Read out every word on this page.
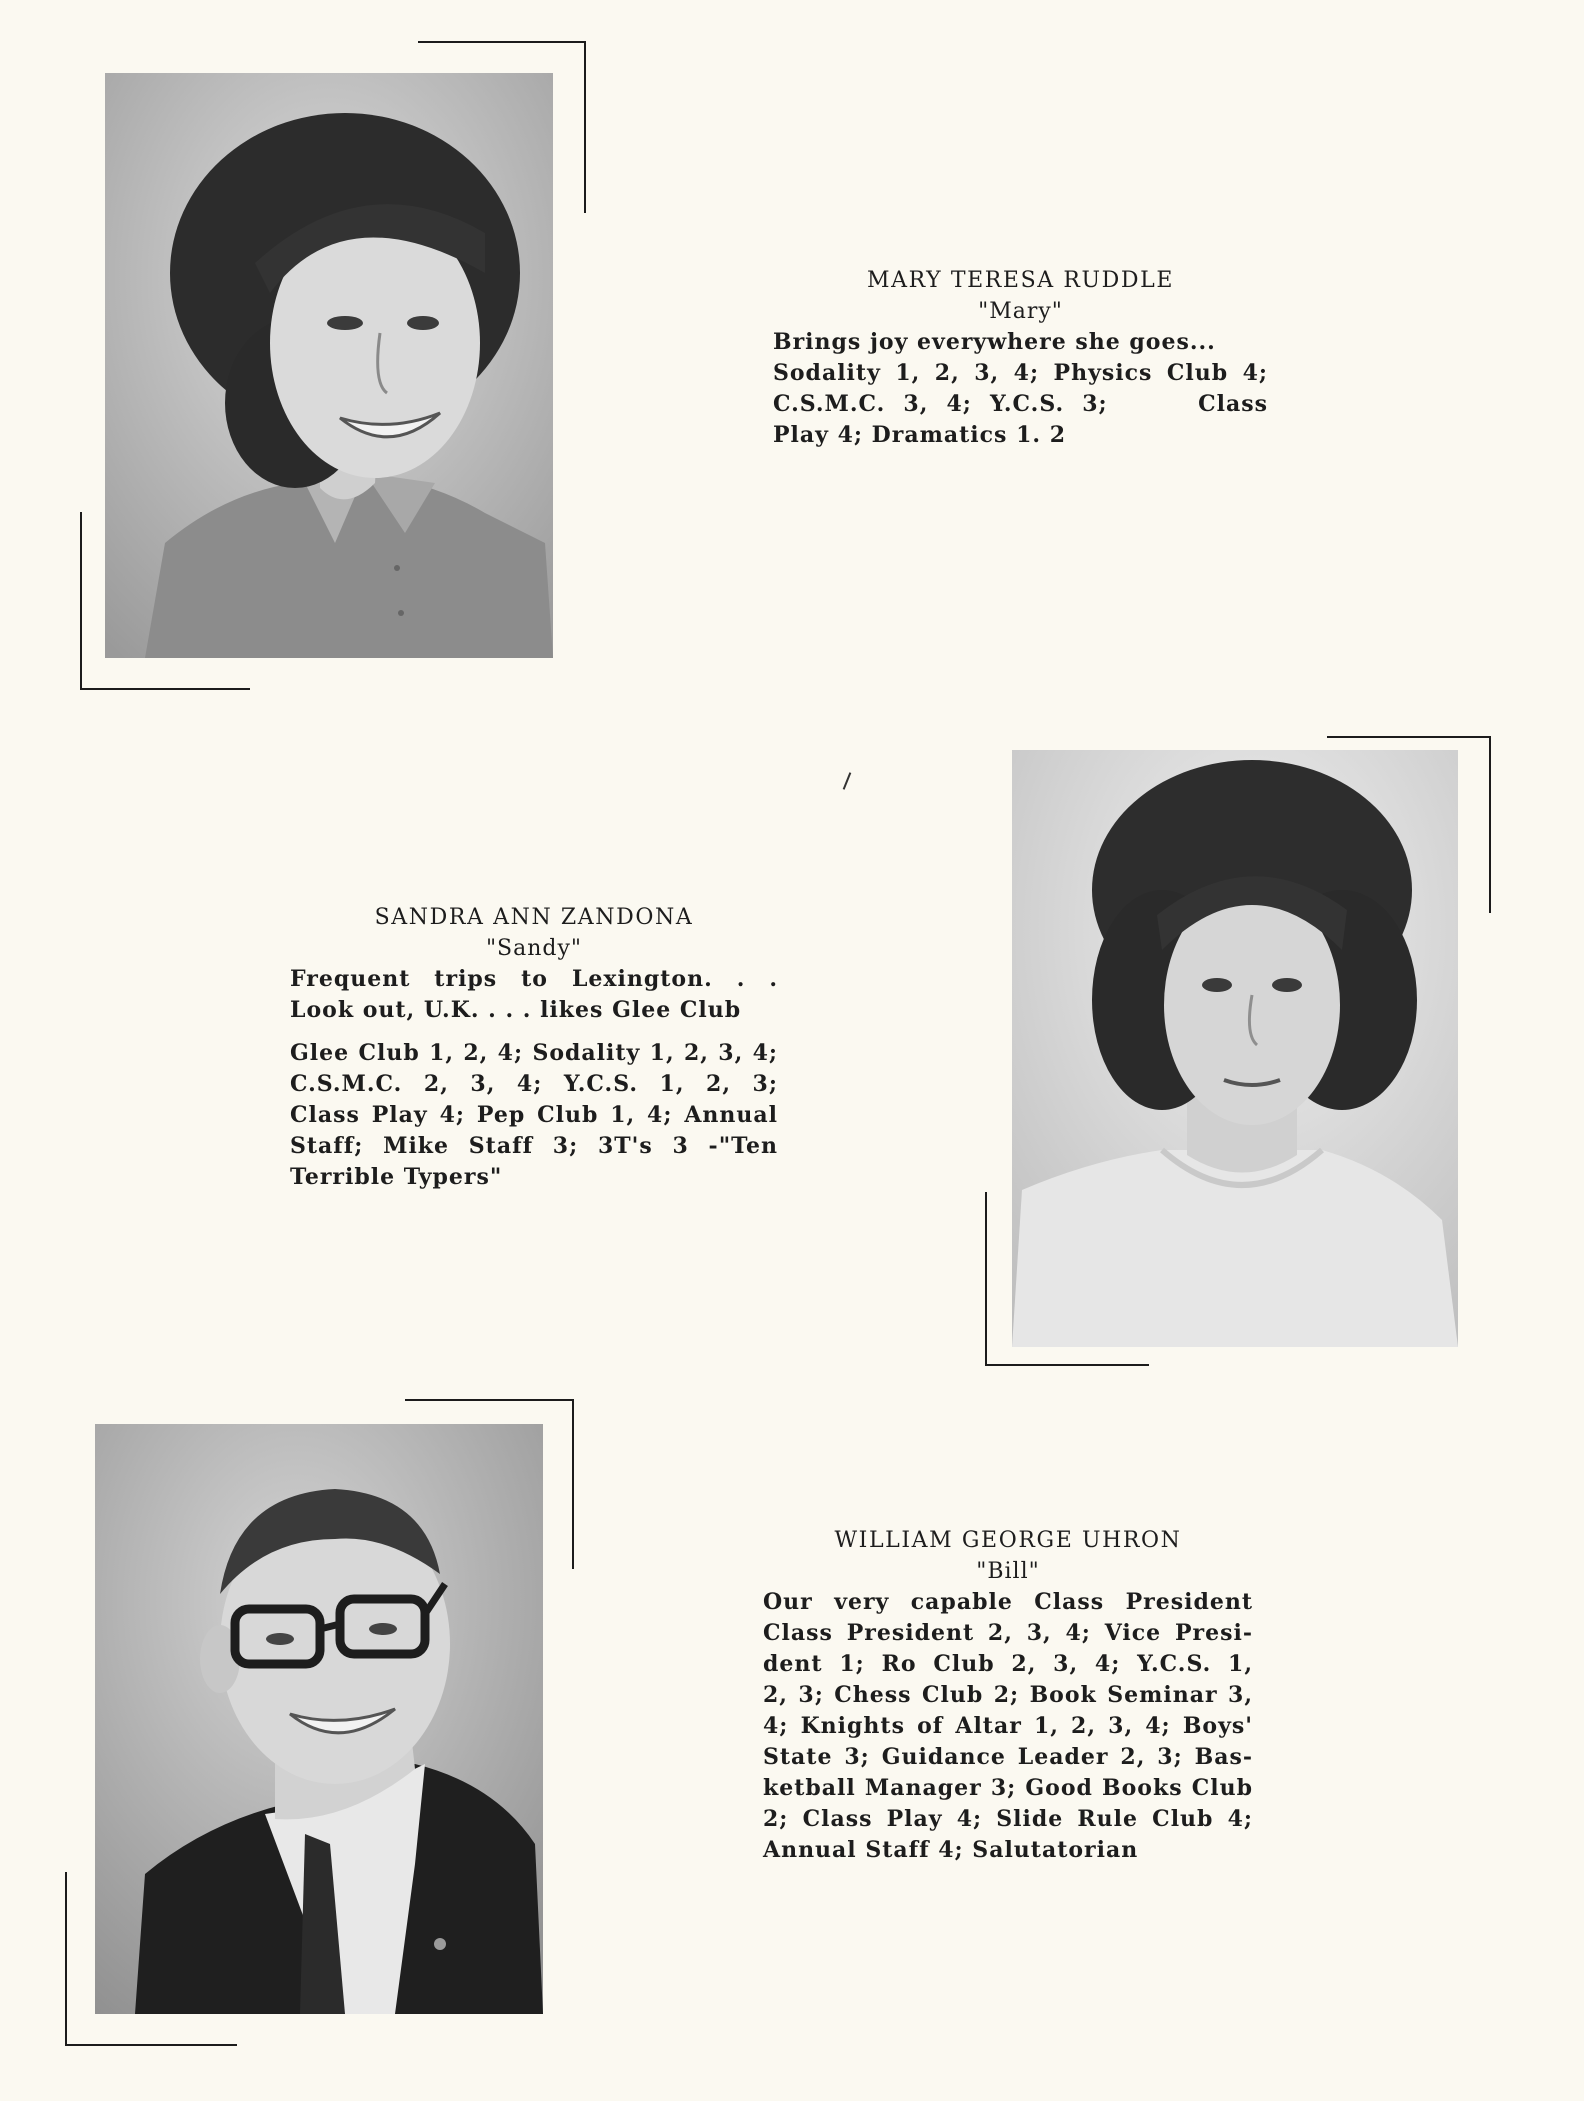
MARY TERESA RUDDLE
"Mary"
Brings joy everywhere she goes...
Sodality 1, 2, 3, 4; Physics Club 4;
C.S.M.C. 3, 4; Y.C.S. 3;     Class
Play 4; Dramatics 1. 2
SANDRA ANN ZANDONA
"Sandy"
Frequent trips to Lexington. . .
Look out, U.K. . . . likes Glee Club
Glee Club 1, 2, 4; Sodality 1, 2, 3, 4;
C.S.M.C. 2, 3, 4; Y.C.S. 1, 2, 3;
Class Play 4; Pep Club 1, 4; Annual
Staff; Mike Staff 3; 3T's 3 -"Ten
Terrible Typers"
WILLIAM GEORGE UHRON
"Bill"
Our very capable Class President
Class President 2, 3, 4; Vice Presi-
dent 1; Ro Club 2, 3, 4; Y.C.S. 1,
2, 3; Chess Club 2; Book Seminar 3,
4; Knights of Altar 1, 2, 3, 4; Boys'
State 3; Guidance Leader 2, 3; Bas-
ketball Manager 3; Good Books Club
2; Class Play 4; Slide Rule Club 4;
Annual Staff 4; Salutatorian
